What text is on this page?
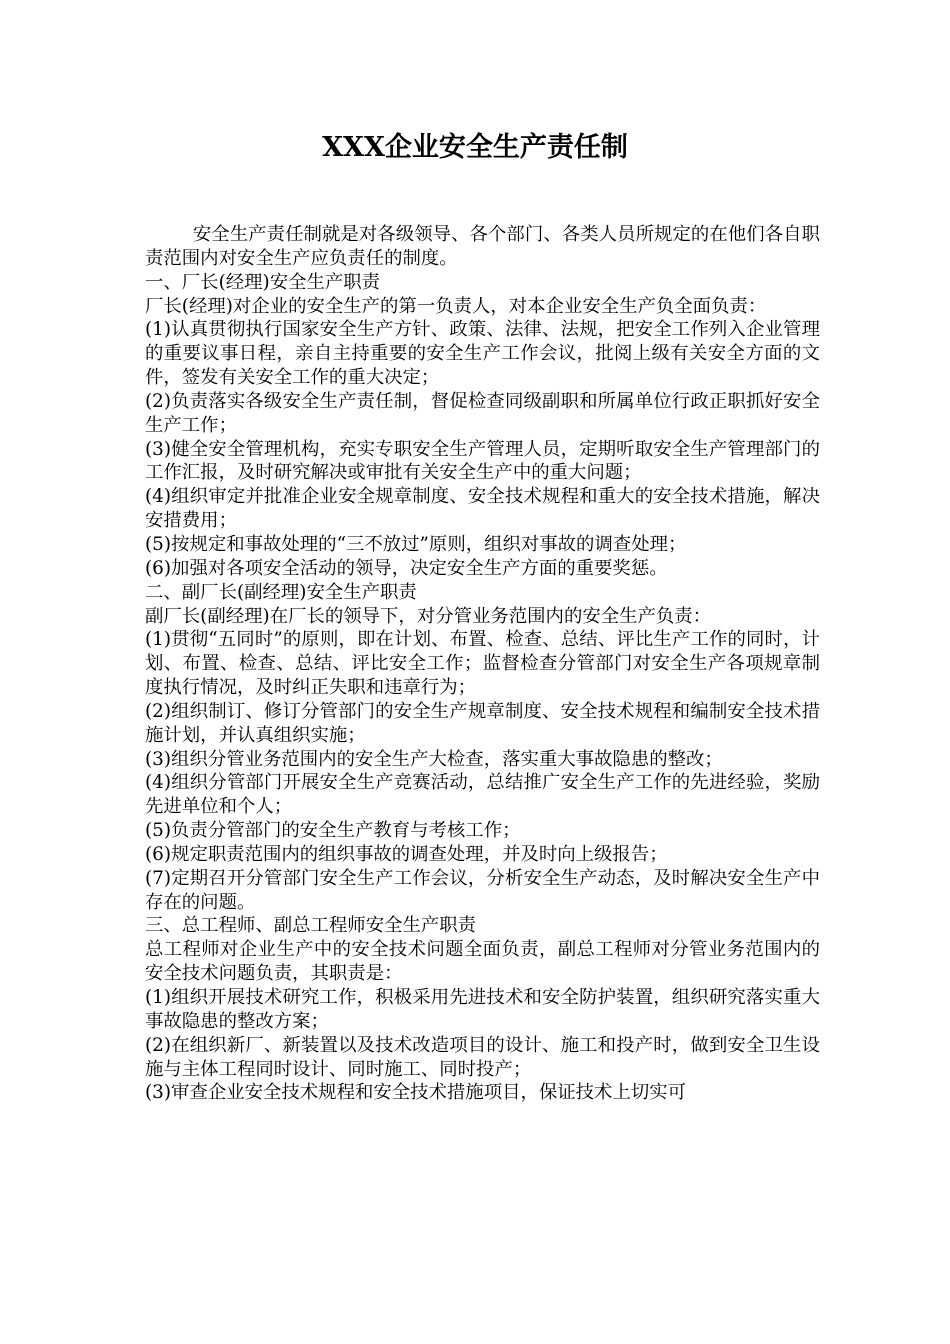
XXX企业安全生产责任制

安全生产责任制就是对各级领导、各个部门、各类人员所规定的在他们各自职责范围内对安全生产应负责任的制度。

一、厂长(经理)安全生产职责

厂长(经理)对企业的安全生产的第一负责人，对本企业安全生产负全面负责：

(1)认真贯彻执行国家安全生产方针、政策、法律、法规，把安全工作列入企业管理的重要议事日程，亲自主持重要的安全生产工作会议，批阅上级有关安全方面的文件，签发有关安全工作的重大决定；

(2)负责落实各级安全生产责任制，督促检查同级副职和所属单位行政正职抓好安全生产工作；

(3)健全安全管理机构，充实专职安全生产管理人员，定期听取安全生产管理部门的工作汇报，及时研究解决或审批有关安全生产中的重大问题；

(4)组织审定并批准企业安全规章制度、安全技术规程和重大的安全技术措施，解决安措费用；

(5)按规定和事故处理的“三不放过”原则，组织对事故的调查处理；

(6)加强对各项安全活动的领导，决定安全生产方面的重要奖惩。

二、副厂长(副经理)安全生产职责

副厂长(副经理)在厂长的领导下，对分管业务范围内的安全生产负责：

(1)贯彻“五同时”的原则，即在计划、布置、检查、总结、评比生产工作的同时，计划、布置、检查、总结、评比安全工作；监督检查分管部门对安全生产各项规章制度执行情况，及时纠正失职和违章行为；

(2)组织制订、修订分管部门的安全生产规章制度、安全技术规程和编制安全技术措施计划，并认真组织实施；

(3)组织分管业务范围内的安全生产大检查，落实重大事故隐患的整改；

(4)组织分管部门开展安全生产竞赛活动，总结推广安全生产工作的先进经验，奖励先进单位和个人；

(5)负责分管部门的安全生产教育与考核工作；

(6)规定职责范围内的组织事故的调查处理，并及时向上级报告；

(7)定期召开分管部门安全生产工作会议，分析安全生产动态，及时解决安全生产中存在的问题。

三、总工程师、副总工程师安全生产职责

总工程师对企业生产中的安全技术问题全面负责，副总工程师对分管业务范围内的安全技术问题负责，其职责是：

(1)组织开展技术研究工作，积极采用先进技术和安全防护装置，组织研究落实重大事故隐患的整改方案；

(2)在组织新厂、新装置以及技术改造项目的设计、施工和投产时，做到安全卫生设施与主体工程同时设计、同时施工、同时投产；

(3)审查企业安全技术规程和安全技术措施项目，保证技术上切实可
